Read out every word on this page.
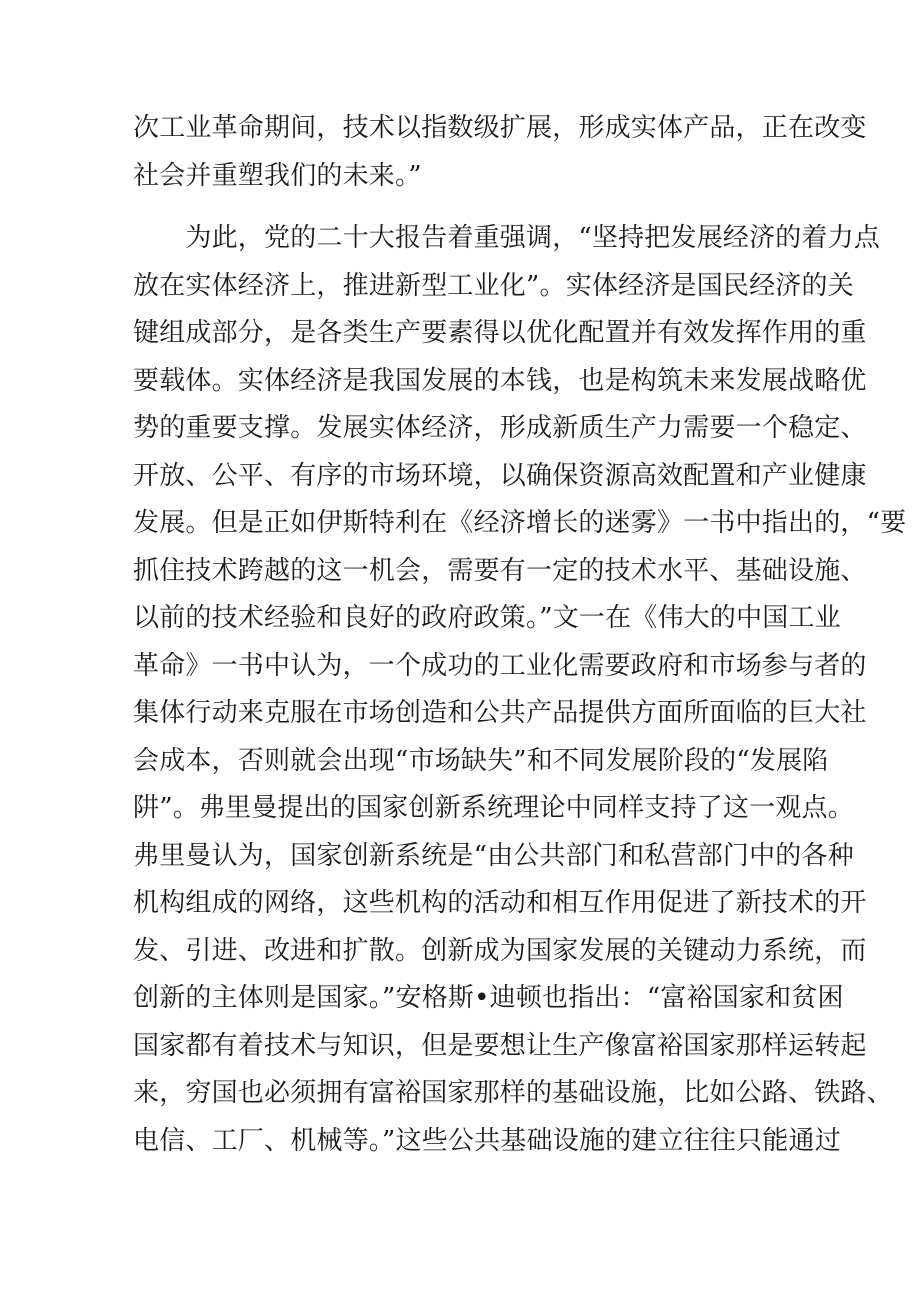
次工业革命期间，技术以指数级扩展，形成实体产品，正在改变
社会并重塑我们的未来。”
　　为此，党的二十大报告着重强调，“坚持把发展经济的着力点
放在实体经济上，推进新型工业化”。实体经济是国民经济的关
键组成部分，是各类生产要素得以优化配置并有效发挥作用的重
要载体。实体经济是我国发展的本钱，也是构筑未来发展战略优
势的重要支撑。发展实体经济，形成新质生产力需要一个稳定、
开放、公平、有序的市场环境，以确保资源高效配置和产业健康
发展。但是正如伊斯特利在《经济增长的迷雾》一书中指出的，“要
抓住技术跨越的这一机会，需要有一定的技术水平、基础设施、
以前的技术经验和良好的政府政策。”文一在《伟大的中国工业
革命》一书中认为，一个成功的工业化需要政府和市场参与者的
集体行动来克服在市场创造和公共产品提供方面所面临的巨大社
会成本，否则就会出现“市场缺失”和不同发展阶段的“发展陷
阱”。弗里曼提出的国家创新系统理论中同样支持了这一观点。
弗里曼认为，国家创新系统是“由公共部门和私营部门中的各种
机构组成的网络，这些机构的活动和相互作用促进了新技术的开
发、引进、改进和扩散。创新成为国家发展的关键动力系统，而
创新的主体则是国家。”安格斯•迪顿也指出：“富裕国家和贫困
国家都有着技术与知识，但是要想让生产像富裕国家那样运转起
来，穷国也必须拥有富裕国家那样的基础设施，比如公路、铁路、
电信、工厂、机械等。”这些公共基础设施的建立往往只能通过
